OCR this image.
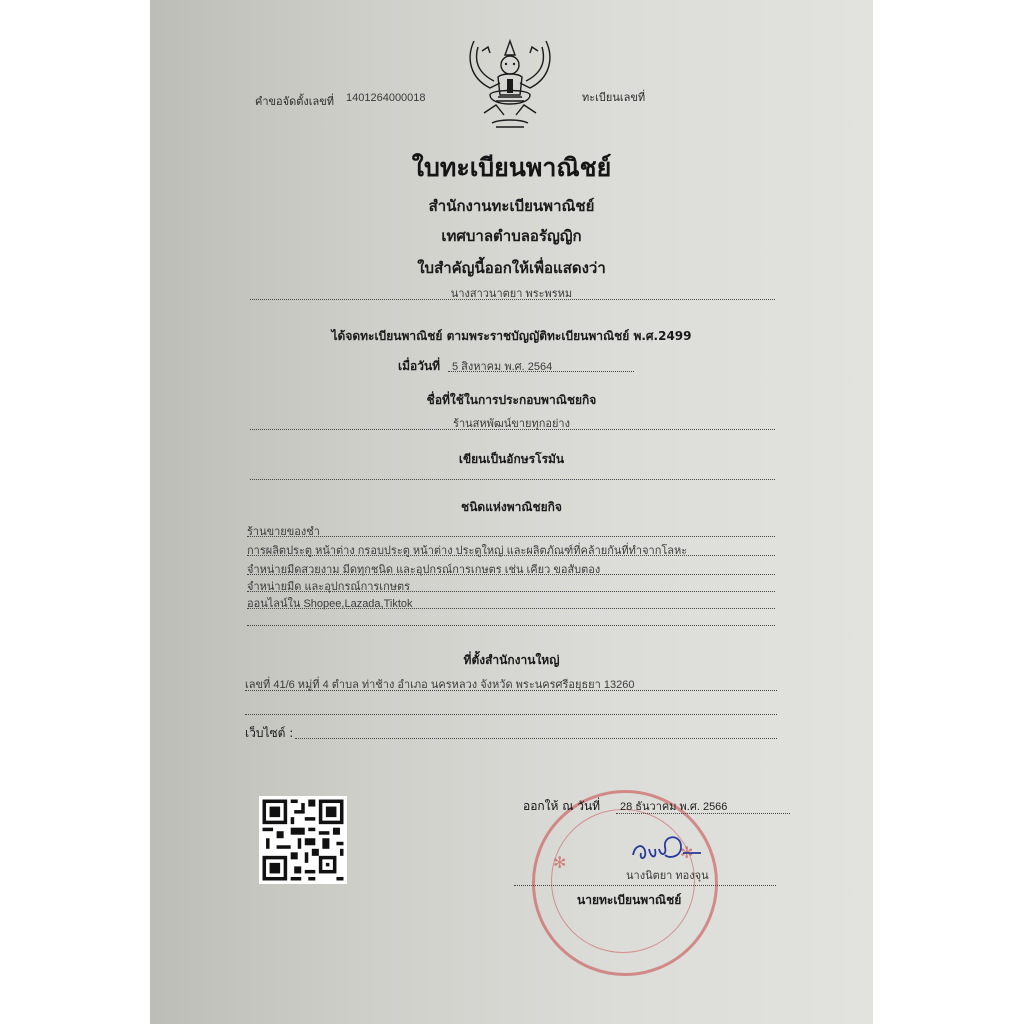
คำขอจัดตั้งเลขที่ 1401264000018	ทะเบียนเลขที่
ใบทะเบียนพาณิชย์
สำนักงานทะเบียนพาณิชย์
เทศบาลตำบลอรัญญิก
ใบสำคัญนี้ออกให้เพื่อแสดงว่า
นางสาวนาตยา พระพรหม
ได้จดทะเบียนพาณิชย์ ตามพระราชบัญญัติทะเบียนพาณิชย์ พ.ศ.2499
เมื่อวันที่ 5 สิงหาคม พ.ศ. 2564
ชื่อที่ใช้ในการประกอบพาณิชยกิจ
ร้านสหพัฒน์ขายทุกอย่าง
เขียนเป็นอักษรโรมัน
ชนิดแห่งพาณิชยกิจ
ร้านขายของชำ
การผลิตประตู หน้าต่าง กรอบประตู หน้าต่าง ประตูใหญ่ และผลิตภัณฑ์ที่คล้ายกันที่ทำจากโลหะ
จำหน่ายมีดสวยงาม มีดทุกชนิด และอุปกรณ์การเกษตร เช่น เคียว ขอสับตอง
จำหน่ายมีด และอุปกรณ์การเกษตร
ออนไลน์ใน Shopee,Lazada,Tiktok
ที่ตั้งสำนักงานใหญ่
เลขที่ 41/6 หมู่ที่ 4 ตำบล ท่าช้าง อำเภอ นครหลวง จังหวัด พระนครศรีอยุธยา 13260
เว็บไซต์ :
✻
✻
ออกให้ ณ วันที่ 28 ธันวาคม พ.ศ. 2566
นางนิตยา ทองจุน
นายทะเบียนพาณิชย์
